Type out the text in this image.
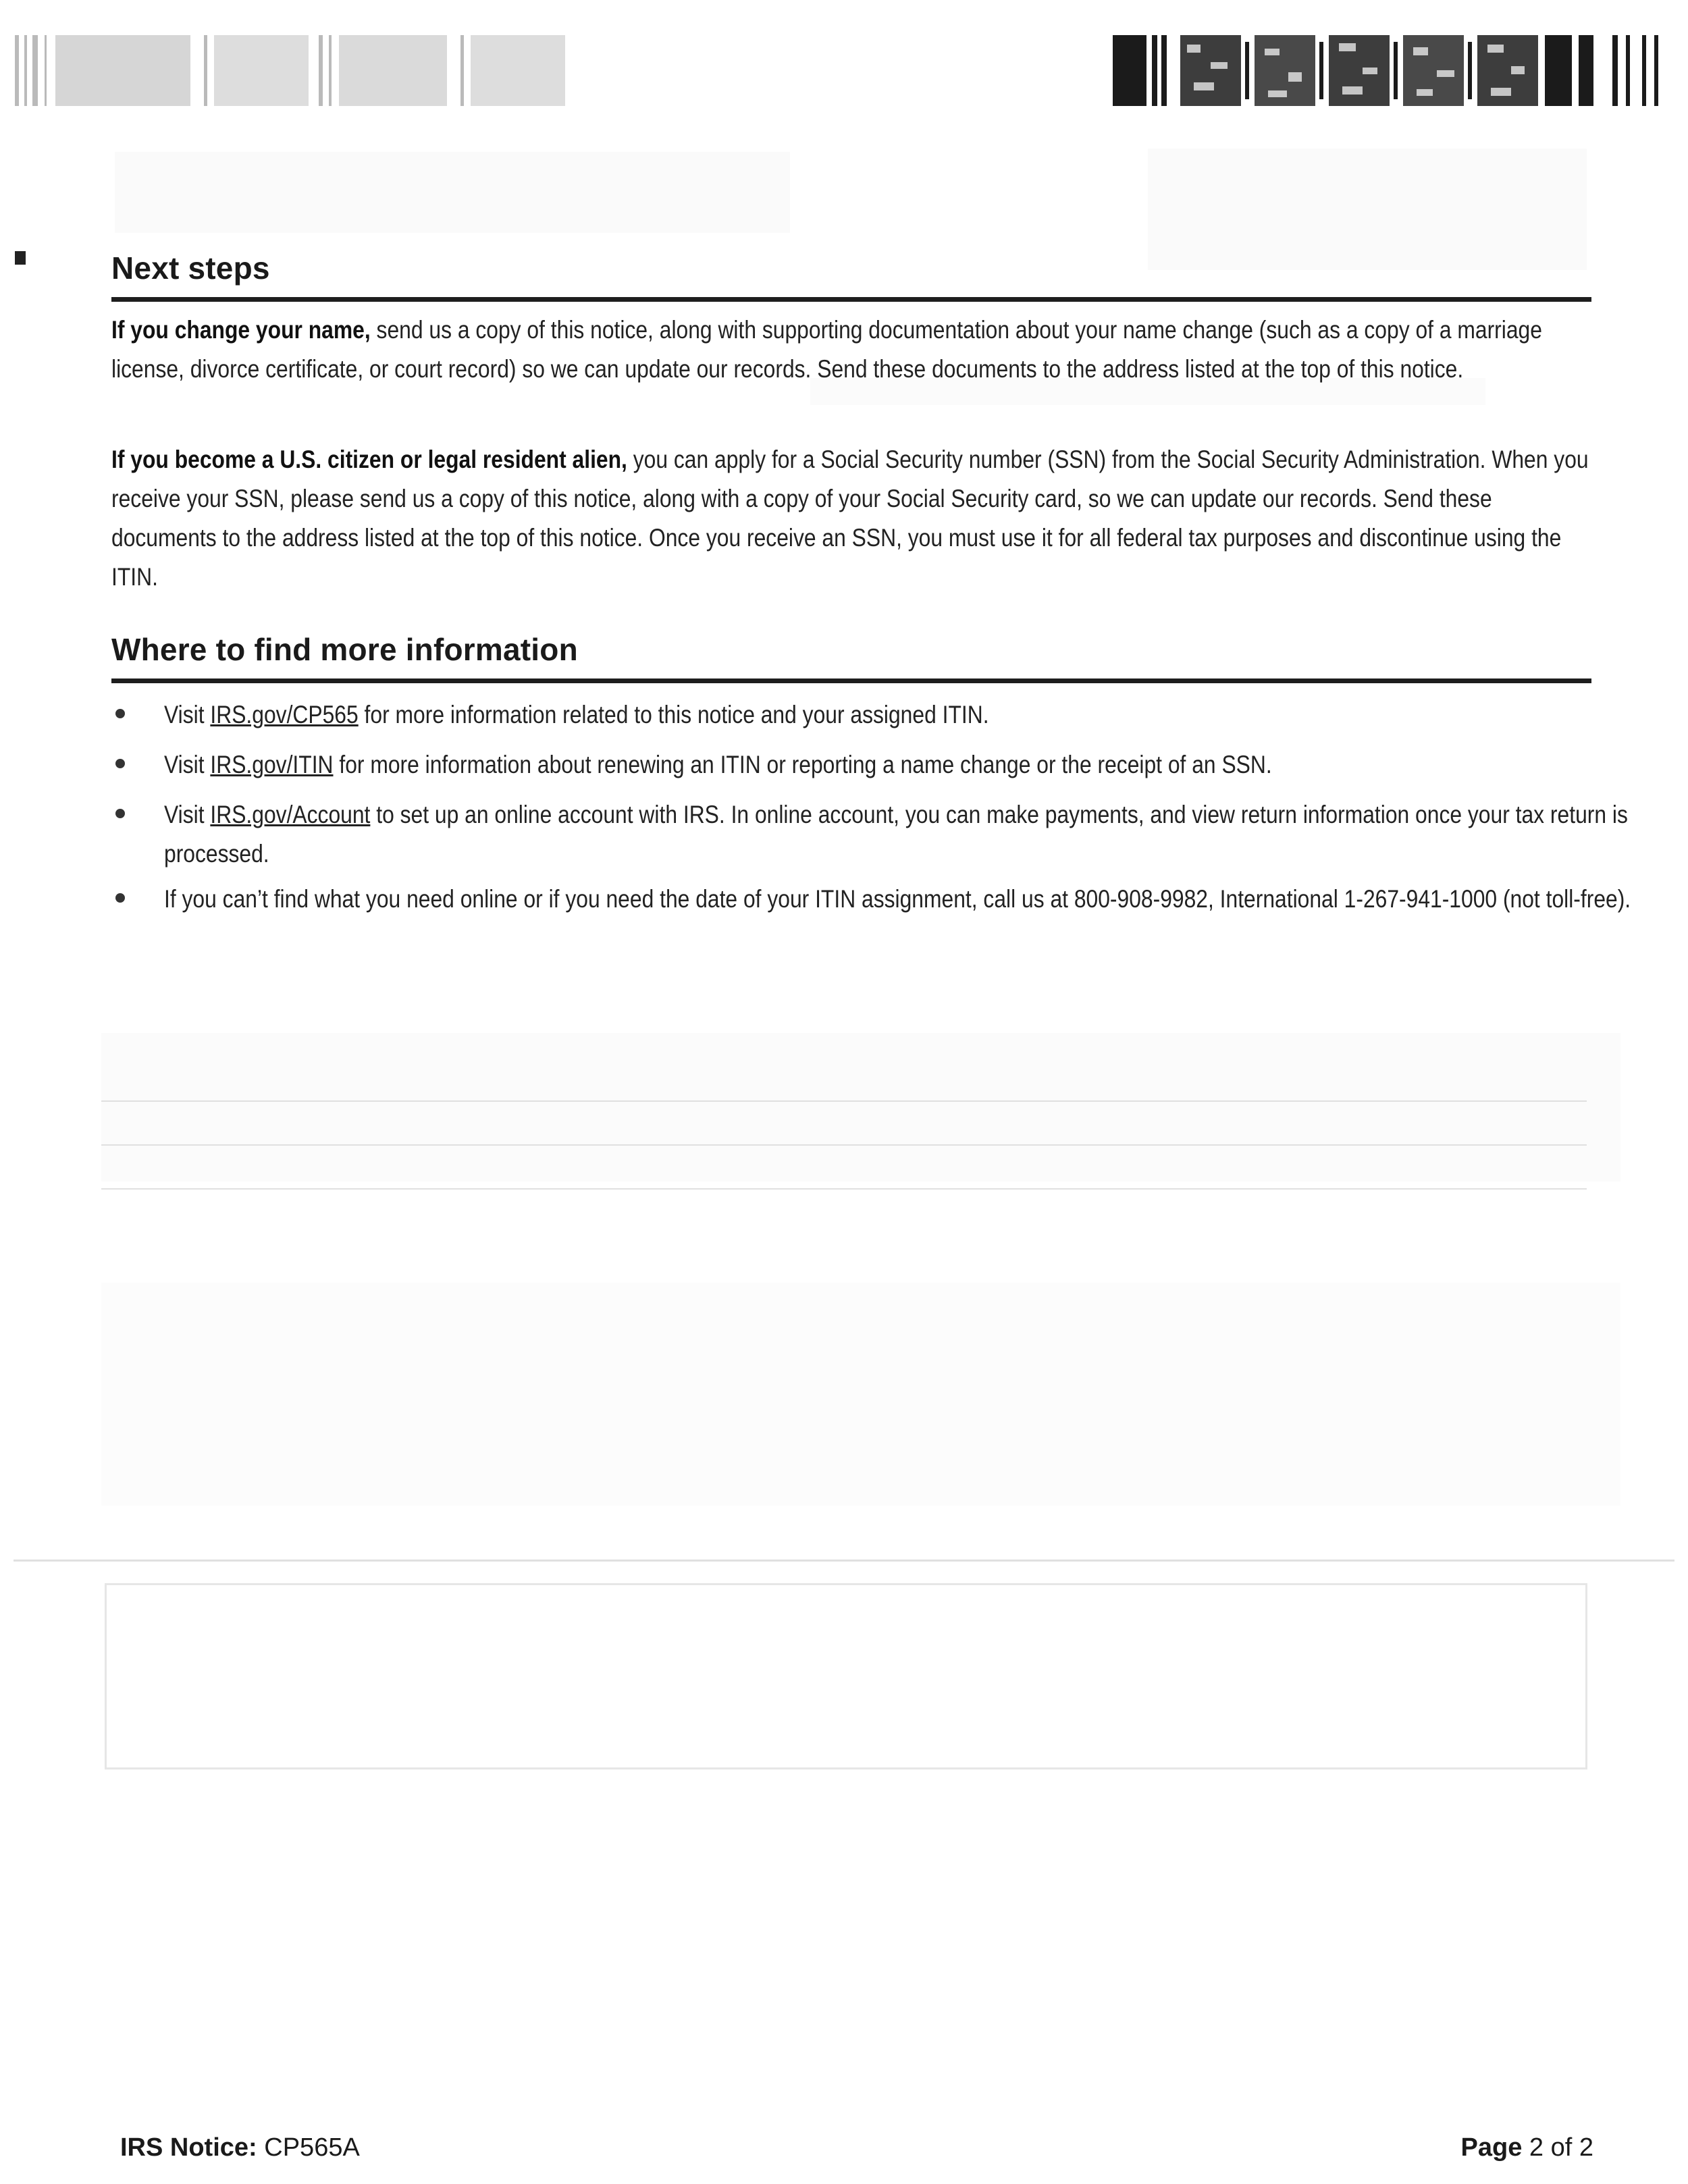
Next steps

If you change your name, send us a copy of this notice, along with supporting documentation about your name change (such as a copy of a marriage license, divorce certificate, or court record) so we can update our records. Send these documents to the address listed at the top of this notice.

If you become a U.S. citizen or legal resident alien, you can apply for a Social Security number (SSN) from the Social Security Administration. When you receive your SSN, please send us a copy of this notice, along with a copy of your Social Security card, so we can update our records. Send these documents to the address listed at the top of this notice. Once you receive an SSN, you must use it for all federal tax purposes and discontinue using the ITIN.

Where to find more information
Visit IRS.gov/CP565 for more information related to this notice and your assigned ITIN.
Visit IRS.gov/ITIN for more information about renewing an ITIN or reporting a name change or the receipt of an SSN.
Visit IRS.gov/Account to set up an online account with IRS. In online account, you can make payments, and view return information once your tax return is processed.
If you can’t find what you need online or if you need the date of your ITIN assignment, call us at 800-908-9982, International 1-267-941-1000 (not toll-free).
IRS Notice: CP565A	Page 2 of 2
